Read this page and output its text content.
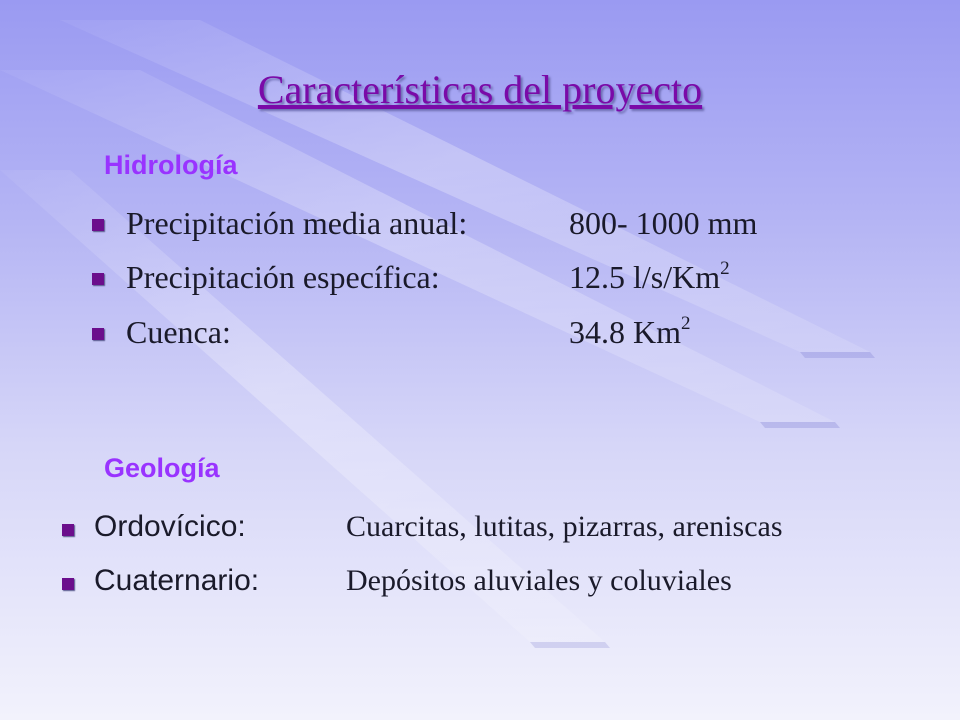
Características del proyecto
Hidrología
Precipitación media anual:	800- 1000 mm
Precipitación específica:	12.5 l/s/Km$^2$
Cuenca:	34.8 Km$^2$
Geología
Ordovícico:	Cuarcitas, lutitas, pizarras, areniscas
Cuaternario:	Depósitos aluviales y coluviales
